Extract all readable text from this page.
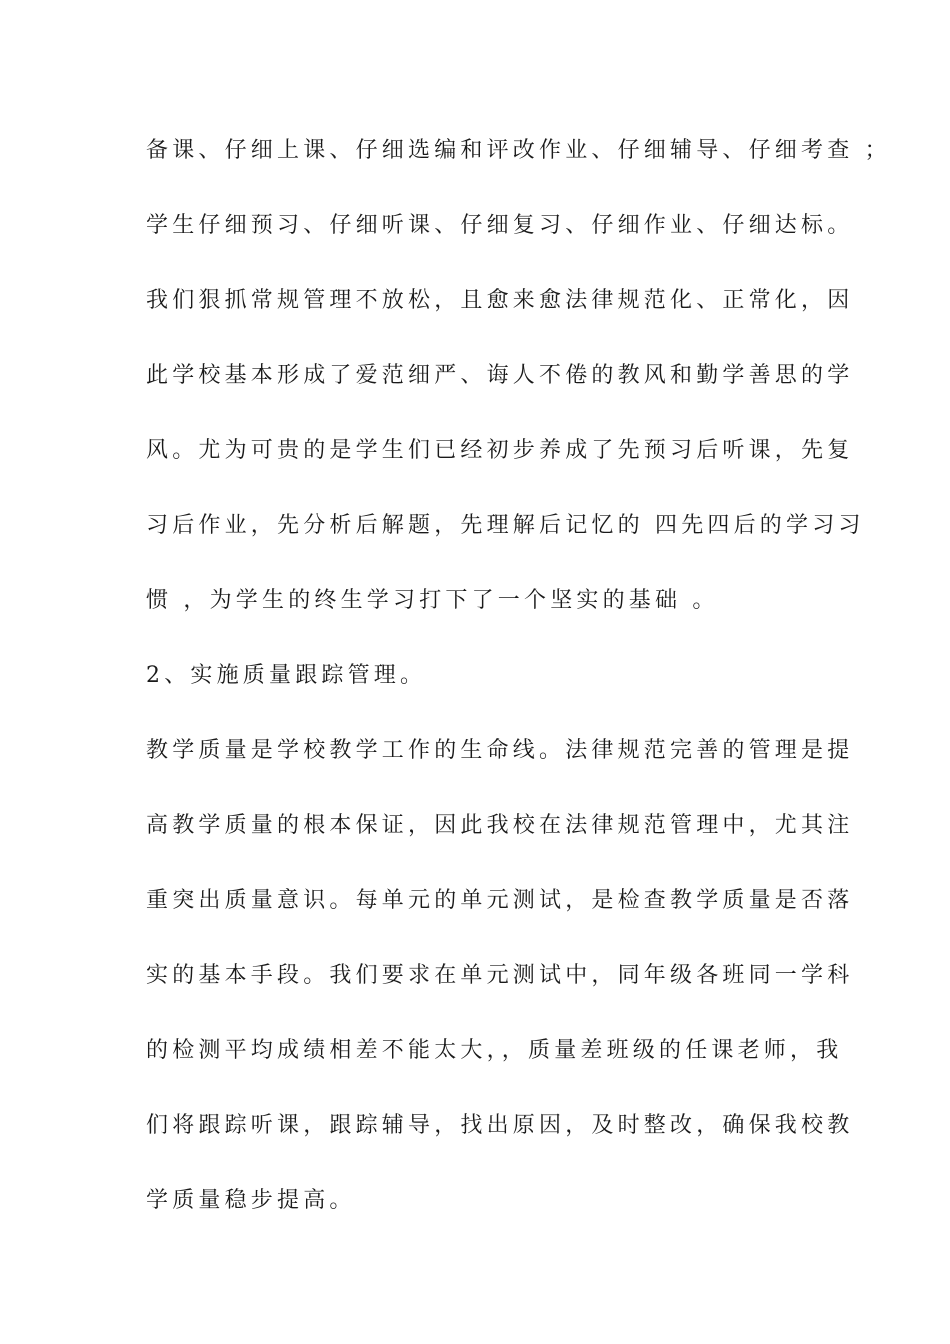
备课、仔细上课、仔细选编和评改作业、仔细辅导、仔细考查 ；
学生仔细预习、仔细听课、仔细复习、仔细作业、仔细达标。
我们狠抓常规管理不放松，且愈来愈法律规范化、正常化，因
此学校基本形成了爱范细严、诲人不倦的教风和勤学善思的学
风。尤为可贵的是学生们已经初步养成了先预习后听课，先复
习后作业，先分析后解题，先理解后记忆的 四先四后的学习习
惯 ，为学生的终生学习打下了一个坚实的基础 。
2、实施质量跟踪管理。
教学质量是学校教学工作的生命线。法律规范完善的管理是提
高教学质量的根本保证，因此我校在法律规范管理中，尤其注
重突出质量意识。每单元的单元测试，是检查教学质量是否落
实的基本手段。我们要求在单元测试中，同年级各班同一学科
的检测平均成绩相差不能太大，，质量差班级的任课老师，我
们将跟踪听课，跟踪辅导，找出原因，及时整改，确保我校教
学质量稳步提高。
